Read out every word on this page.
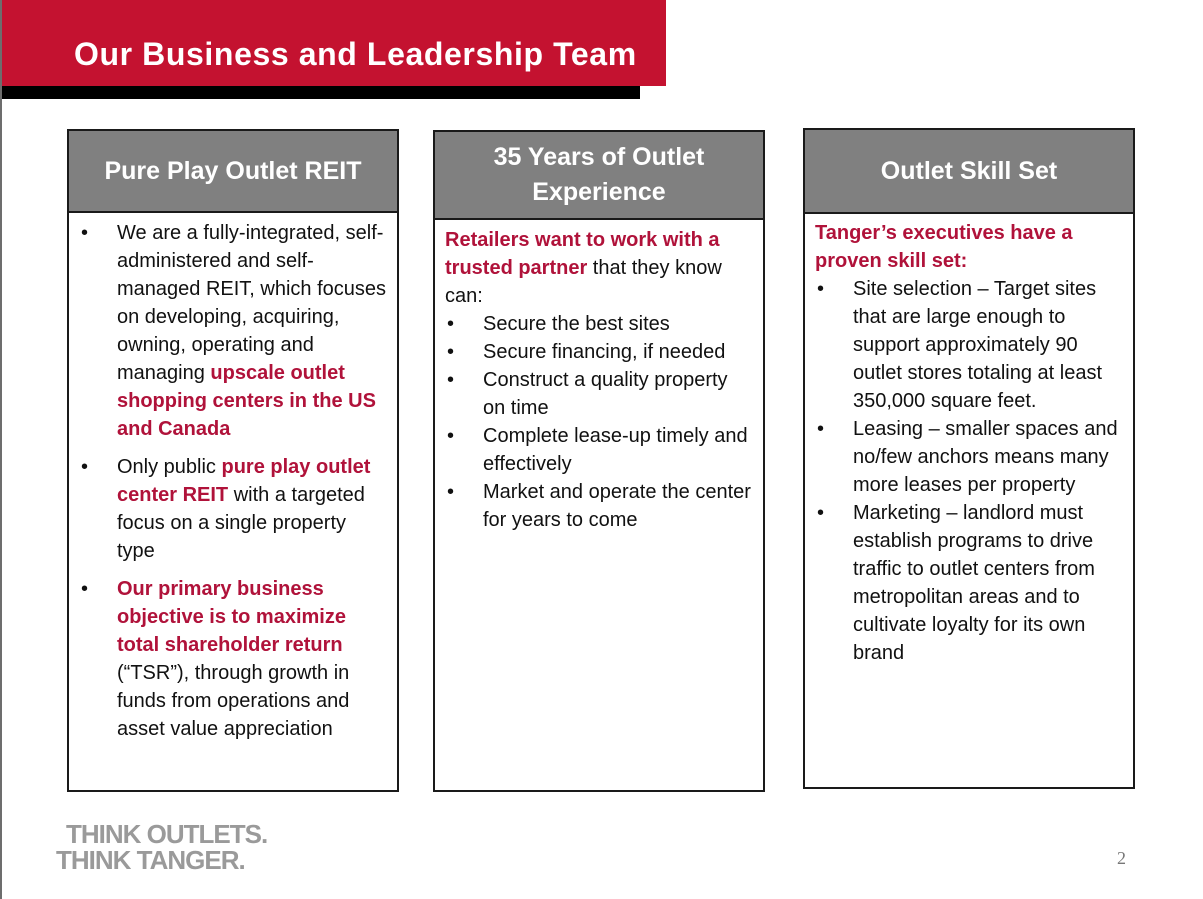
Our Business and Leadership Team
Pure Play Outlet REIT
•	We are a fully-integrated, self-administered and self-managed REIT, which focuses on developing, acquiring, owning, operating and managing upscale outlet shopping centers in the US and Canada
•	Only public pure play outlet center REIT with a targeted focus on a single property type
•	Our primary business objective is to maximize total shareholder return (“TSR”), through growth in funds from operations and asset value appreciation
35 Years of Outlet Experience
Retailers want to work with a trusted partner that they know can:
•	Secure the best sites
•	Secure financing, if needed
•	Construct a quality property on time
•	Complete lease-up timely and effectively
•	Market and operate the center for years to come
Outlet Skill Set
Tanger’s executives have a proven skill set:
•	Site selection – Target sites that are large enough to support approximately 90 outlet stores totaling at least 350,000 square feet.
•	Leasing – smaller spaces and no/few anchors means many more leases per property
•	Marketing – landlord must establish programs to drive traffic to outlet centers from metropolitan areas and to cultivate loyalty for its own brand
THINK OUTLETS.
THINK TANGER.	2
